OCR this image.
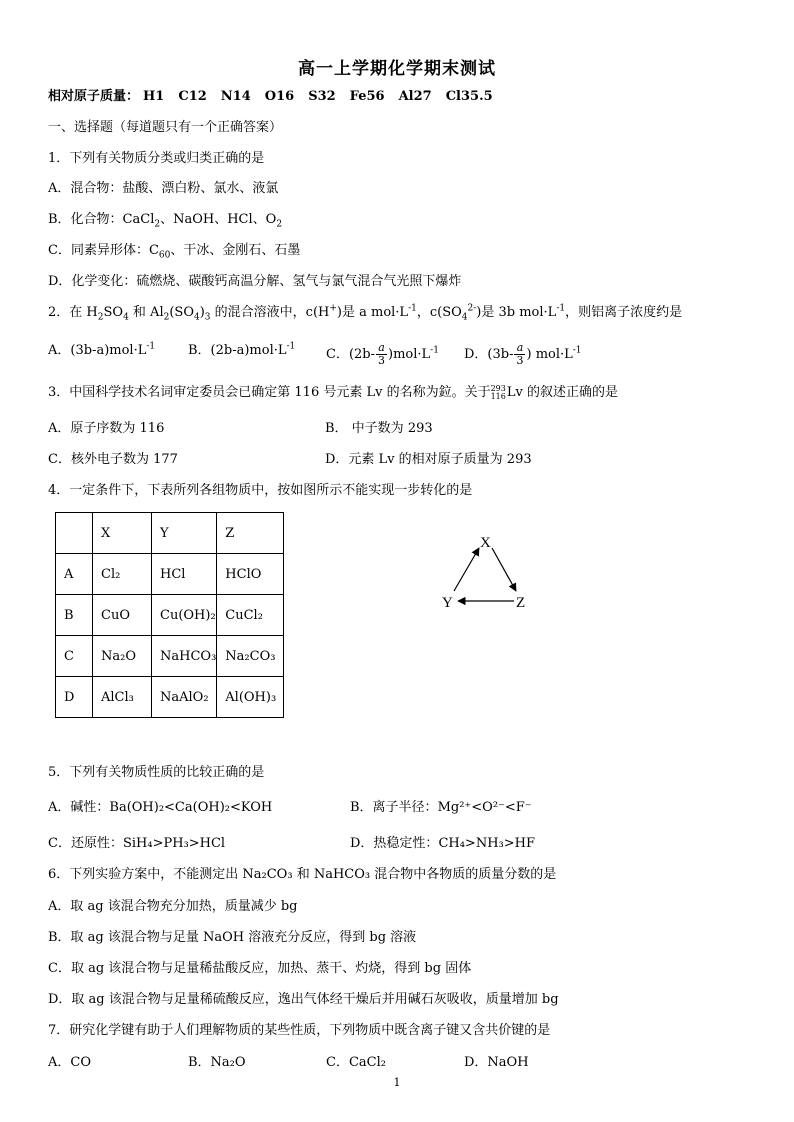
高一上学期化学期末测试
相对原子质量： H1 C12 N14 O16 S32 Fe56 Al27 Cl35.5
一、选择题（每道题只有一个正确答案）
1．下列有关物质分类或归类正确的是
A．混合物：盐酸、漂白粉、氯水、液氯
B．化合物：CaCl$_2$、NaOH、HCl、$O_2$
C．同素异形体：$C_{60}$、干冰、金刚石、石墨
D．化学变化：硫燃烧、碳酸钙高温分解、氢气与氯气混合气光照下爆炸
2．在 $H_2SO_4$ 和 $Al_2(SO_4)_3$ 的混合溶液中，c(H+)是 a $mol\cdot L^{-1}$，$c(SO_4^{2-})$是 3b $mol\cdot L^{-1}$，则铝离子浓度约是
A．$(3b-a)mol\cdot L^{-1}$	B．$(2b-a)mol\cdot L^{-1}$
C．$(2b- \frac{a}{3} )mol\cdot L^{-1}$ D．($3b- \frac{a}{3}$ ) $mol\cdot L^{-1}$
3．中国科学技术名词审定委员会已确定第 116 号元素 Lv 的名称为鉝。关于 293
116 Lv 的叙述正确的是
A．原子序数为 116	B． 中子数为 293
C．核外电子数为 177	D．元素 Lv 的相对原子质量为 293
4．一定条件下，下表所列各组物质中，按如图所示不能实现一步转化的是
	X	Y	Z
A	Cl₂	HCl	HClO
B	CuO	Cu(OH)₂	CuCl₂
C	Na₂O	NaHCO₃	Na₂CO₃
D	AlCl₃	NaAlO₂	Al(OH)₃
X
Y	Z
5．下列有关物质性质的比较正确的是
A．碱性：Ba(OH)₂<Ca(OH)₂<KOH	B．离子半径：Mg²⁺<O²⁻<F⁻
C．还原性：SiH₄>PH₃>HCl	D．热稳定性：CH₄>NH₃>HF
6．下列实验方案中，不能测定出 Na₂CO₃ 和 NaHCO₃ 混合物中各物质的质量分数的是
A．取 ag 该混合物充分加热，质量减少 bg
B．取 ag 该混合物与足量 NaOH 溶液充分反应，得到 bg 溶液
C．取 ag 该混合物与足量稀盐酸反应，加热、蒸干、灼烧，得到 bg 固体
D．取 ag 该混合物与足量稀硫酸反应，逸出气体经干燥后并用碱石灰吸收，质量增加 bg
7．研究化学键有助于人们理解物质的某些性质，下列物质中既含离子键又含共价键的是
A．CO	B．Na₂O	C．CaCl₂	D．NaOH
1
